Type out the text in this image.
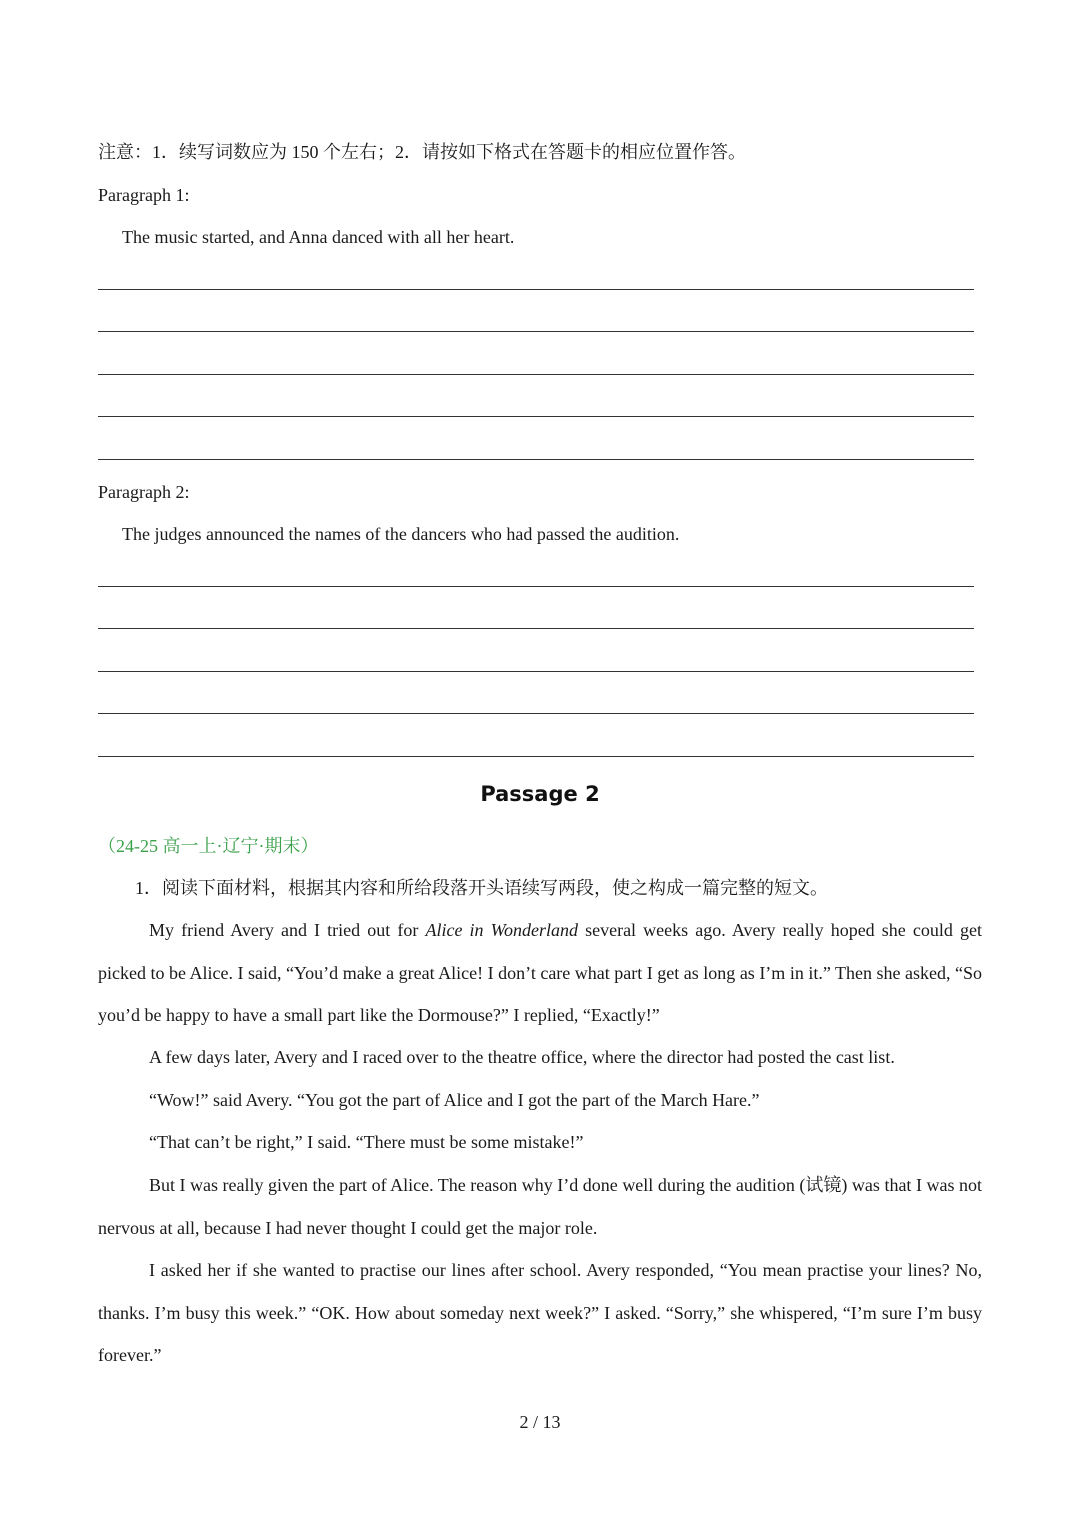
注意：1．续写词数应为 150 个左右；2．请按如下格式在答题卡的相应位置作答。
Paragraph 1:
The music started, and Anna danced with all her heart.
Paragraph 2:
The judges announced the names of the dancers who had passed the audition.
Passage 2
（24-25 高一上·辽宁·期末）
1．阅读下面材料，根据其内容和所给段落开头语续写两段，使之构成一篇完整的短文。
My friend Avery and I tried out for Alice in Wonderland several weeks ago. Avery really hoped she could get picked to be Alice. I said, “You’d make a great Alice! I don’t care what part I get as long as I’m in it.” Then she asked, “So you’d be happy to have a small part like the Dormouse?” I replied, “Exactly!”
A few days later, Avery and I raced over to the theatre office, where the director had posted the cast list.
“Wow!” said Avery. “You got the part of Alice and I got the part of the March Hare.”
“That can’t be right,” I said. “There must be some mistake!”
But I was really given the part of Alice. The reason why I’d done well during the audition (试镜) was that I was not nervous at all, because I had never thought I could get the major role.
I asked her if she wanted to practise our lines after school. Avery responded, “You mean practise your lines? No, thanks. I’m busy this week.” “OK. How about someday next week?” I asked. “Sorry,” she whispered, “I’m sure I’m busy forever.”
2 / 13
